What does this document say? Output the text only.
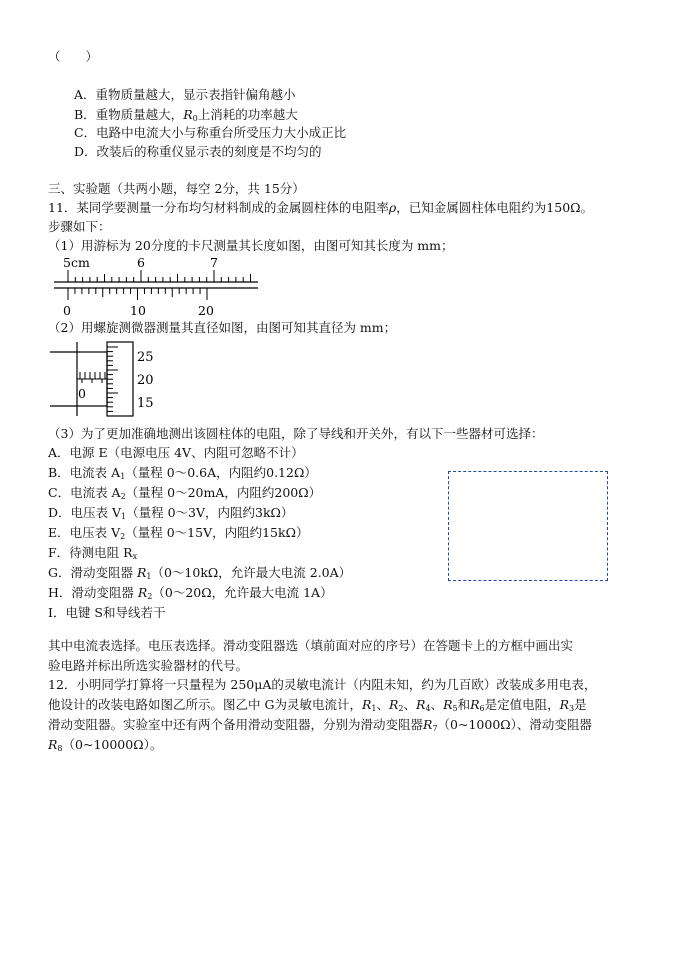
（　　）
A．重物质量越大，显示表指针偏角越小
B．重物质量越大，$R_0$上消耗的功率越大
C．电路中电流大小与称重台所受压力大小成正比
D．改装后的称重仪显示表的刻度是不均匀的
三、实验题（共两小题，每空 2分，共 15分）
11．某同学要测量一分布均匀材料制成的金属圆柱体的电阻率ρ，已知金属圆柱体电阻约为150Ω。
步骤如下：
（1）用游标为 20分度的卡尺测量其长度如图，由图可知其长度为 mm；
5cm	6	7
0	10	20
（2）用螺旋测微器测量其直径如图，由图可知其直径为 mm；
0
25
20
15
（3）为了更加准确地测出该圆柱体的电阻，除了导线和开关外，有以下一些器材可选择：
A．电源 E（电源电压 4V、内阻可忽略不计）
B．电流表 $A_1$（量程 0～0.6A，内阻约0.12Ω）
C．电流表 $A_2$（量程 0～20mA，内阻约200Ω）
D．电压表 $V_1$（量程 0～3V，内阻约3kΩ）
E．电压表 $V_2$（量程 0～15V，内阻约15kΩ）
F．待测电阻 $R_x$
G．滑动变阻器 $R_1(0\sim 10k\Omega$，允许最大电流 2.0A）
H．滑动变阻器 $R_2(0\sim 20\Omega$，允许最大电流 1A）
I．电键 S和导线若干
其中电流表选择。电压表选择。滑动变阻器选（填前面对应的序号）在答题卡上的方框中画出实
验电路并标出所选实验器材的代号。
12．小明同学打算将一只量程为 250μA的灵敏电流计（内阻未知，约为几百欧）改装成多用电表，
他设计的改装电路如图乙所示。图乙中 G为灵敏电流计，$R_1$、$R_2$、$R_4$、$R_5$和$R_6$是定值电阻，$R_3$是
滑动变阻器。实验室中还有两个备用滑动变阻器，分别为滑动变阻器$R_7(0\sim 1000\Omega)$、滑动变阻器
$R_8(0\sim 10000\Omega)$。
